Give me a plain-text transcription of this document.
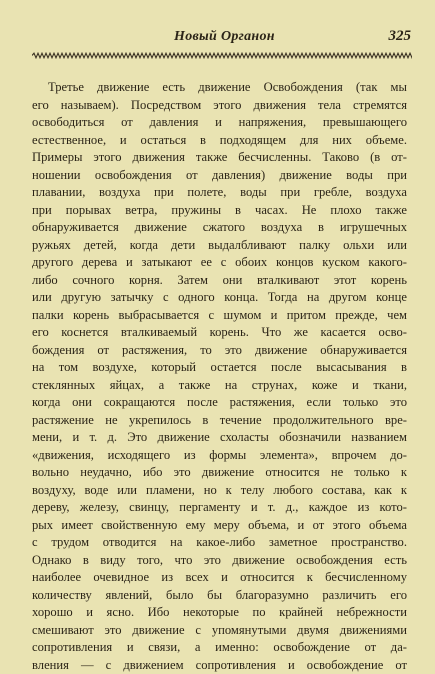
Новый Органон	325
Третье движение есть движение Освобождения (так мы
его называем). Посредством этого движения тела стремятся
освободиться от давления и напряжения, превышающего
естественное, и остаться в подходящем для них объеме.
Примеры этого движения также бесчисленны. Таково (в от-
ношении освобождения от давления) движение воды при
плавании, воздуха при полете, воды при гребле, воздуха
при порывах ветра, пружины в часах. Не плохо также
обнаруживается движение сжатого воздуха в игрушечных
ружьях детей, когда дети выдалбливают палку ольхи или
другого дерева и затыкают ее с обоих концов куском какого-
либо сочного корня. Затем они вталкивают этот корень
или другую затычку с одного конца. Тогда на другом конце
палки корень выбрасывается с шумом и притом прежде, чем
его коснется вталкиваемый корень. Что же касается осво-
бождения от растяжения, то это движение обнаруживается
на том воздухе, который остается после высасывания в
стеклянных яйцах, а также на струнах, коже и ткани,
когда они сокращаются после растяжения, если только это
растяжение не укрепилось в течение продолжительного вре-
мени, и т. д. Это движение схоласты обозначили названием
«движения, исходящего из формы элемента», впрочем до-
вольно неудачно, ибо это движение относится не только к
воздуху, воде или пламени, но к телу любого состава, как к
дереву, железу, свинцу, пергаменту и т. д., каждое из кото-
рых имеет свойственную ему меру объема, и от этого объема
с трудом отводится на какое-либо заметное пространство.
Однако в виду того, что это движение освобождения есть
наиболее очевидное из всех и относится к бесчисленному
количеству явлений, было бы благоразумно различить его
хорошо и ясно. Ибо некоторые по крайней небрежности
смешивают это движение с упомянутыми двумя движениями
сопротивления и связи, а именно: освобождение от да-
вления — с движением сопротивления и освобождение от
